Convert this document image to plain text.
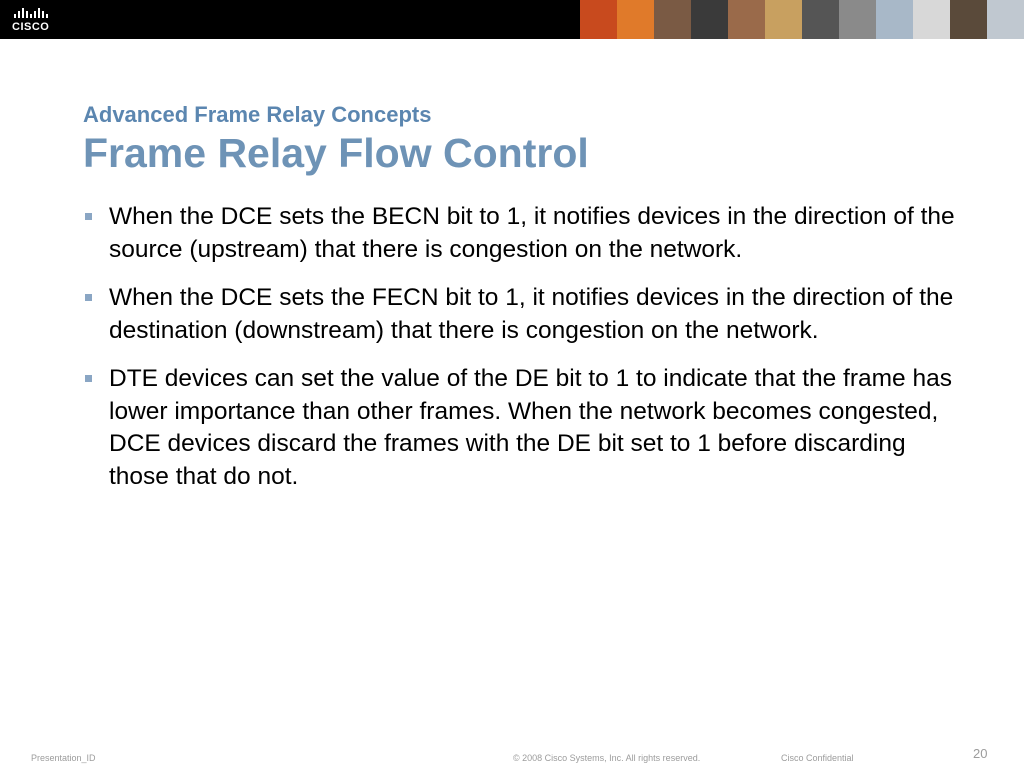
CISCO
Advanced Frame Relay Concepts
Frame Relay Flow Control
When the DCE sets the BECN bit to 1, it notifies devices in the direction of the source (upstream) that there is congestion on the network.
When the DCE sets the FECN bit to 1, it notifies devices in the direction of the destination (downstream) that there is congestion on the network.
DTE devices can set the value of the DE bit to 1 to indicate that the frame has lower importance than other frames. When the network becomes congested, DCE devices discard the frames with the DE bit set to 1 before discarding those that do not.
Presentation_ID	© 2008 Cisco Systems, Inc. All rights reserved.	Cisco Confidential	20
